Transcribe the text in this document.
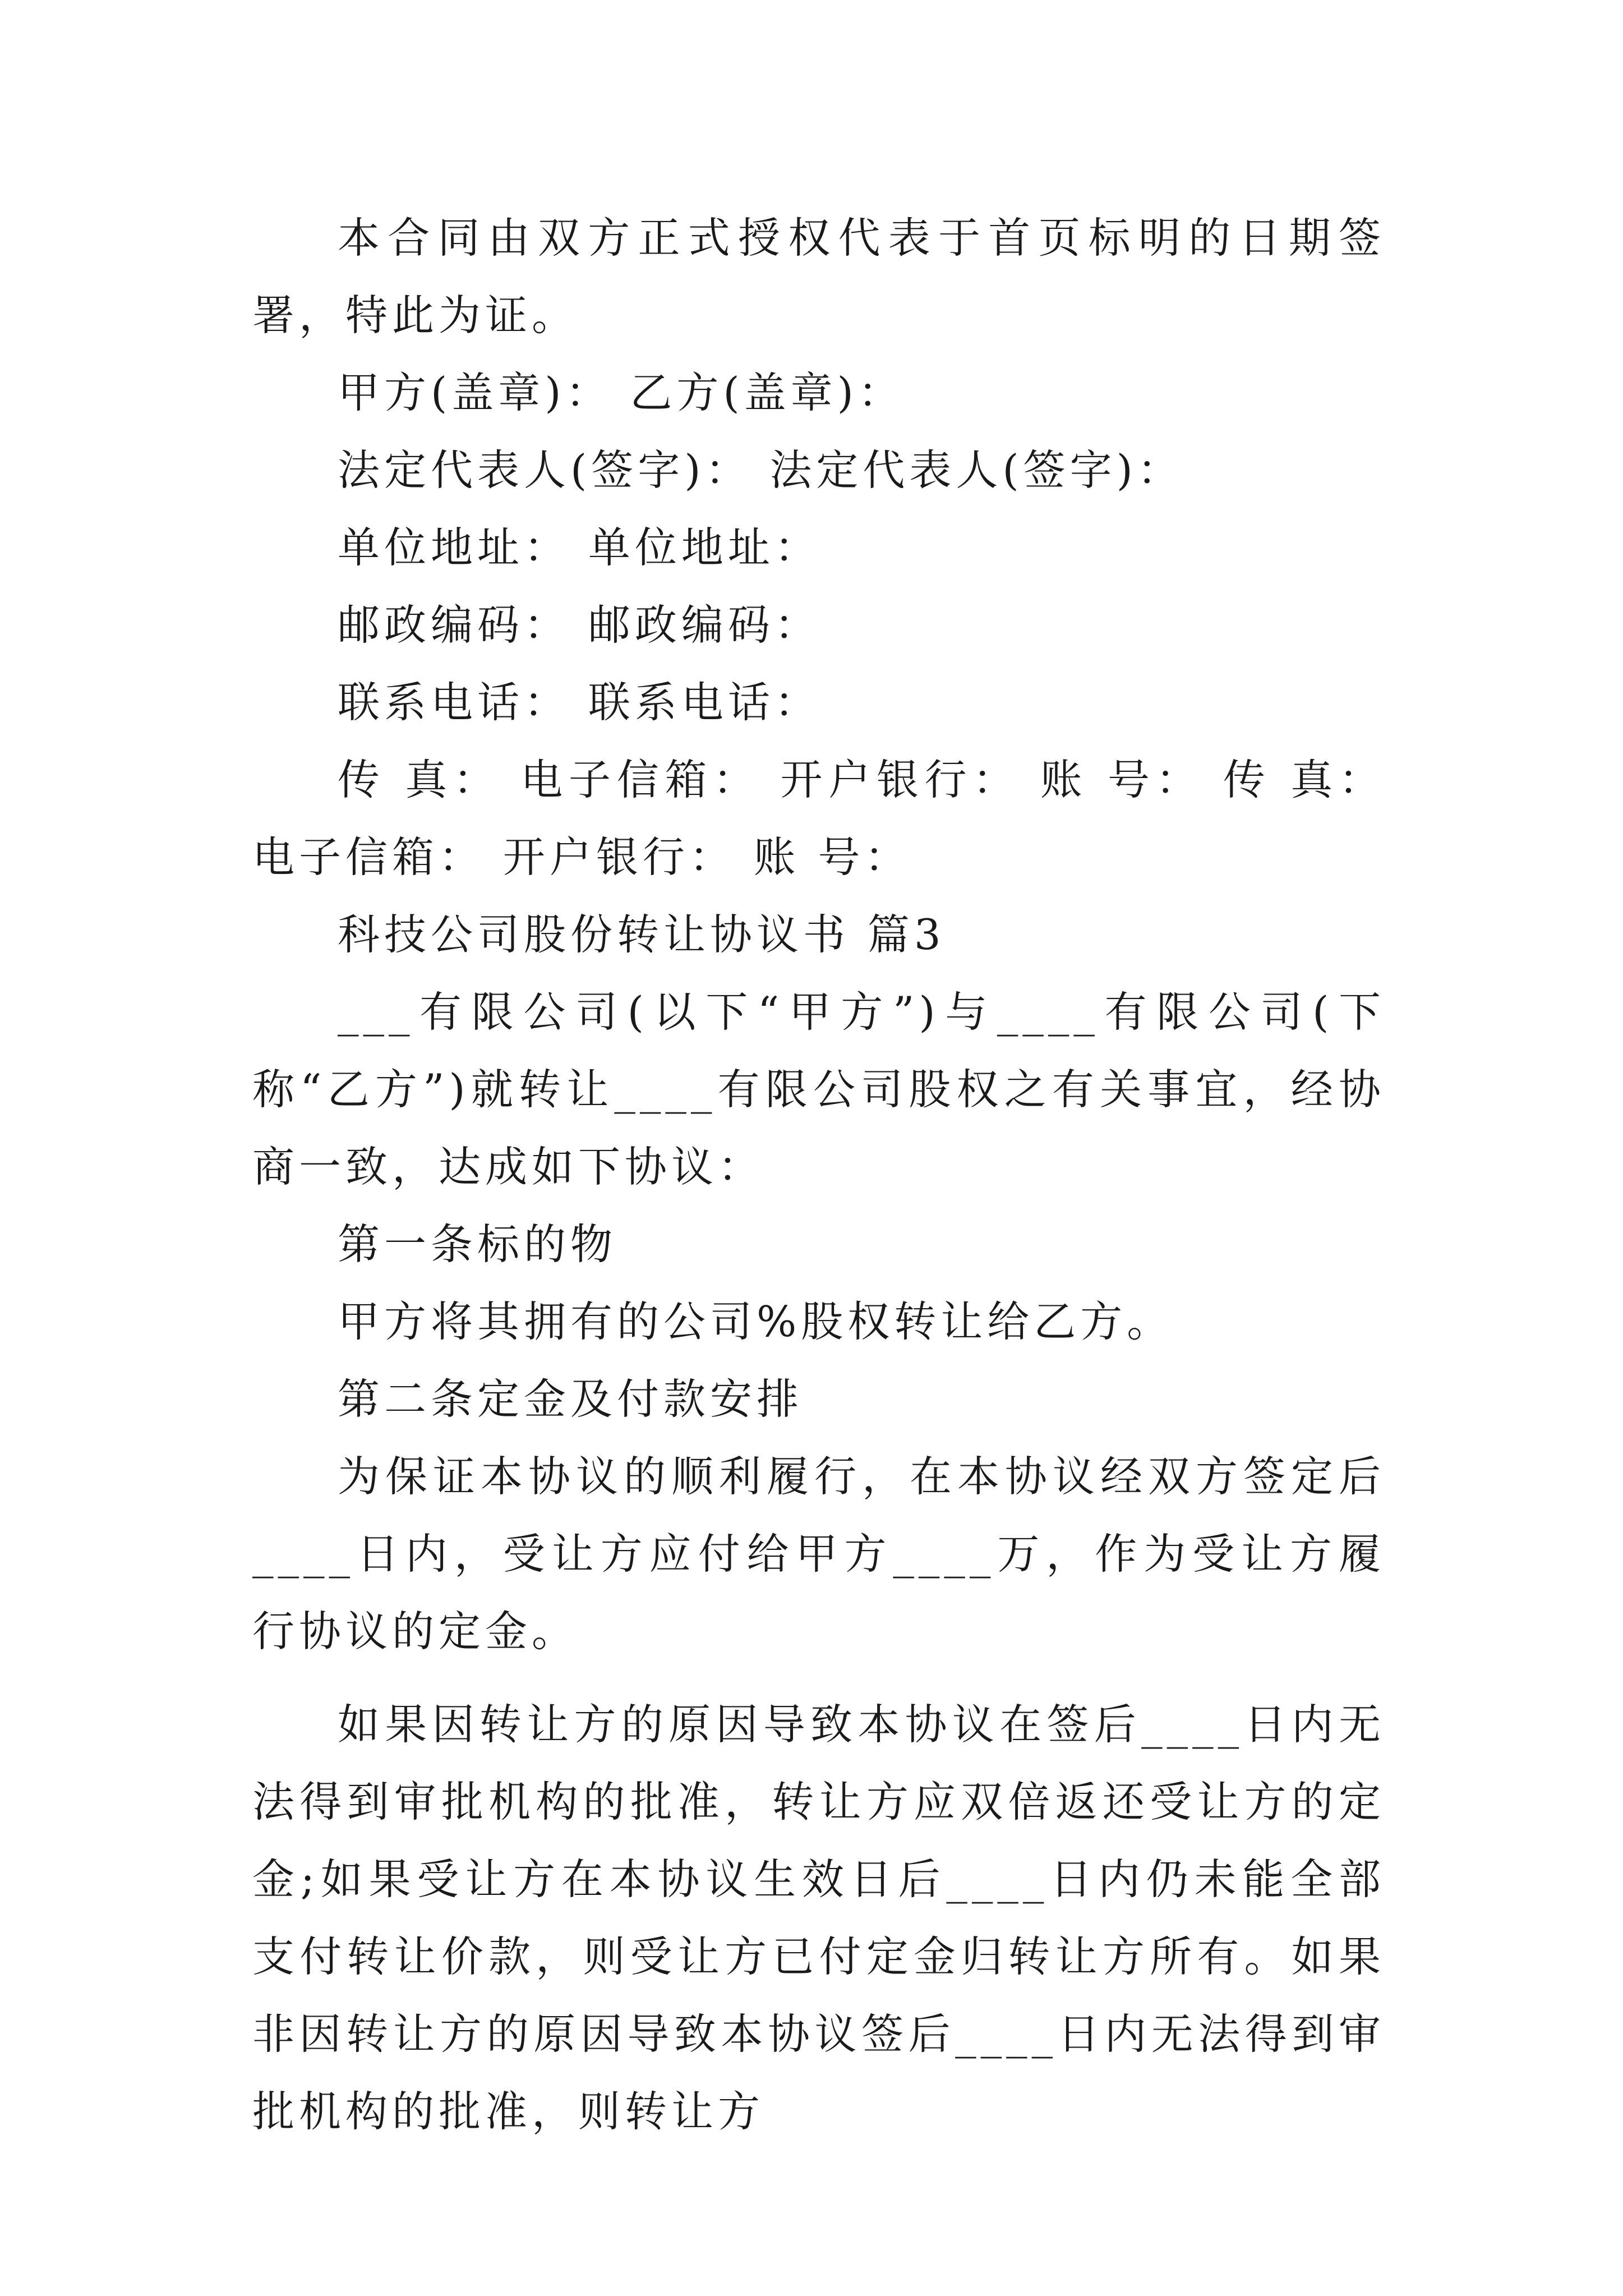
本合同由双方正式授权代表于首页标明的日期签署，特此为证。

甲方(盖章)： 乙方(盖章)：

法定代表人(签字)： 法定代表人(签字)：

单位地址： 单位地址：

邮政编码： 邮政编码：

联系电话： 联系电话：

传 真： 电子信箱： 开户银行： 账 号： 传 真： 电子信箱： 开户银行： 账 号：

科技公司股份转让协议书 篇3

___有限公司(以下“甲方”)与____有限公司(下称“乙方”)就转让____有限公司股权之有关事宜，经协商一致，达成如下协议：

第一条标的物

甲方将其拥有的公司%股权转让给乙方。

第二条定金及付款安排

为保证本协议的顺利履行，在本协议经双方签定后____日内，受让方应付给甲方____万，作为受让方履行协议的定金。

如果因转让方的原因导致本协议在签后____日内无法得到审批机构的批准，转让方应双倍返还受让方的定金;如果受让方在本协议生效日后____日内仍未能全部支付转让价款，则受让方已付定金归转让方所有。如果非因转让方的原因导致本协议签后____日内无法得到审批机构的批准，则转让方
